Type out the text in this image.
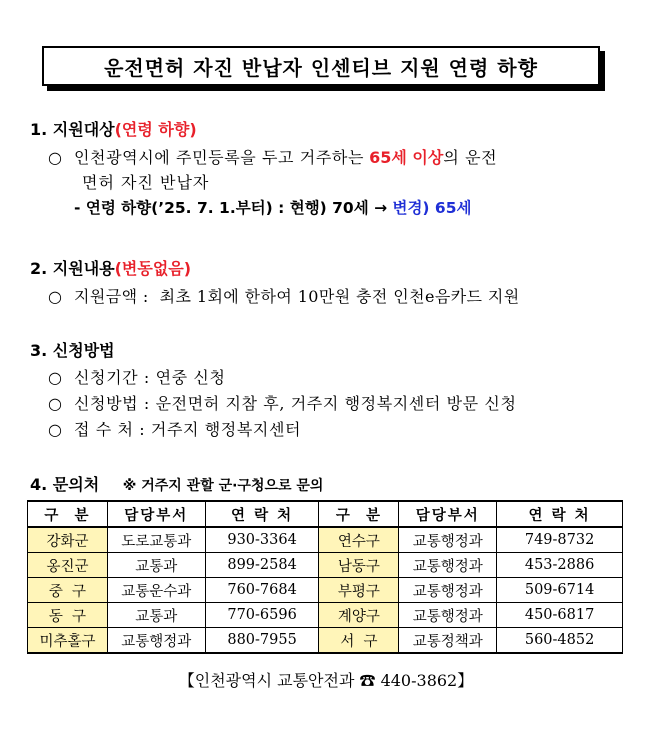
운전면허 자진 반납자 인센티브 지원 연령 하향
1. 지원대상(연령 하향)
○ 인천광역시에 주민등록을 두고 거주하는 65세 이상의 운전
면허 자진 반납자
- 연령 하향(’25. 7. 1.부터) : 현행) 70세 → 변경) 65세
2. 지원내용(변동없음)
○ 지원금액 :  최초 1회에 한하여 10만원 충전 인천e음카드 지원
3. 신청방법
○ 신청기간 : 연중 신청
○ 신청방법 : 운전면허 지참 후, 거주지 행정복지센터 방문 신청
○ 접 수 처 : 거주지 행정복지센터
4. 문의처 ※ 거주지 관할 군·구청으로 문의
구  분	담당부서	연 락 처	구  분	담당부서	연 락 처
강화군	도로교통과	930-3364	연수구	교통행정과	749-8732
옹진군	교통과	899-2584	남동구	교통행정과	453-2886
중  구	교통운수과	760-7684	부평구	교통행정과	509-6714
동  구	교통과	770-6596	계양구	교통행정과	450-6817
미추홀구	교통행정과	880-7955	서  구	교통정책과	560-4852
【인천광역시 교통안전과 ☎ 440-3862】
